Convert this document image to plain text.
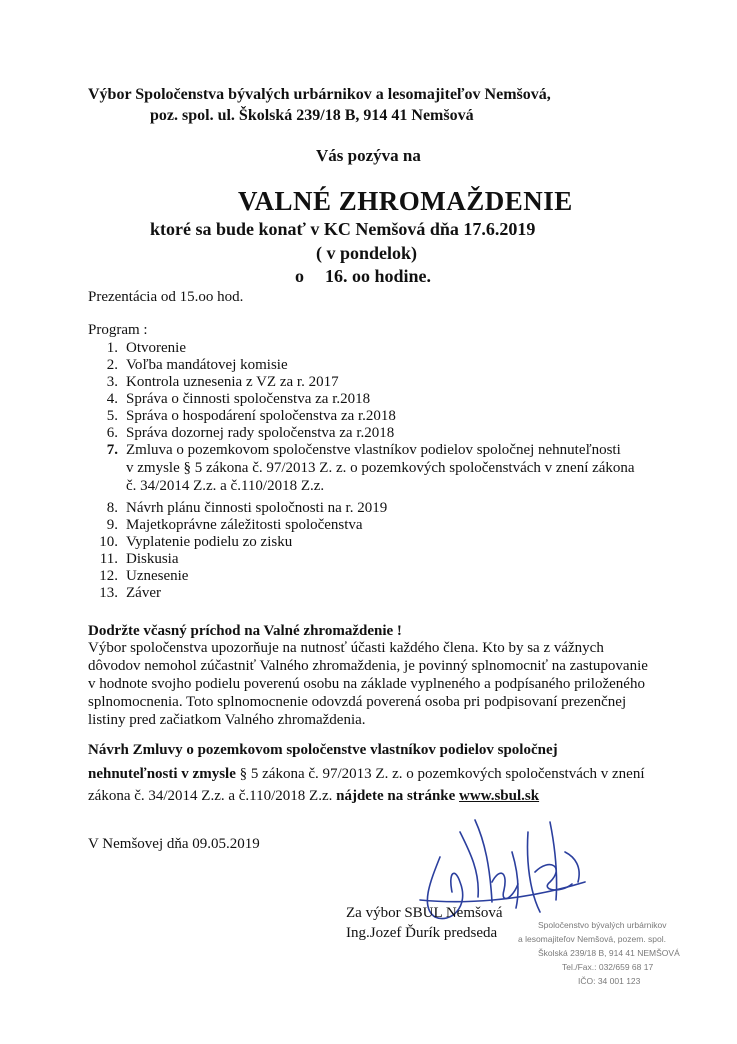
Výbor Spoločenstva bývalých urbárnikov a lesomajiteľov Nemšová,
poz. spol. ul. Školská 239/18 B, 914 41 Nemšová
Vás pozýva na
VALNÉ ZHROMAŽDENIE
ktoré sa bude konať v KC Nemšová dňa 17.6.2019
( v pondelok)
o 16. oo hodine.
Prezentácia od 15.oo hod.
Program :
1. Otvorenie
2. Voľba mandátovej komisie
3. Kontrola uznesenia z VZ za r. 2017
4. Správa o činnosti spoločenstva za r.2018
5. Správa o hospodárení spoločenstva za r.2018
6. Správa dozornej rady spoločenstva za r.2018
7. Zmluva o pozemkovom spoločenstve vlastníkov podielov spoločnej nehnuteľnosti
v zmysle § 5 zákona č. 97/2013 Z. z. o pozemkových spoločenstvách v znení zákona
č. 34/2014 Z.z. a č.110/2018 Z.z.
8. Návrh plánu činnosti spoločnosti na r. 2019
9. Majetkoprávne záležitosti spoločenstva
10. Vyplatenie podielu zo zisku
11. Diskusia
12. Uznesenie
13. Záver
Dodržte včasný príchod na Valné zhromaždenie !
Výbor spoločenstva upozorňuje na nutnosť účasti každého člena. Kto by sa z vážnych
dôvodov nemohol zúčastniť Valného zhromaždenia, je povinný splnomocniť na zastupovanie
v hodnote svojho podielu poverenú osobu na základe vyplneného a podpísaného priloženého
splnomocnenia. Toto splnomocnenie odovzdá poverená osoba pri podpisovaní prezenčnej
listiny pred začiatkom Valného zhromaždenia.
Návrh Zmluvy o pozemkovom spoločenstve vlastníkov podielov spoločnej
nehnuteľnosti v zmysle § 5 zákona č. 97/2013 Z. z. o pozemkových spoločenstvách v znení
zákona č. 34/2014 Z.z. a č.110/2018 Z.z. nájdete na stránke www.sbul.sk
V Nemšovej dňa 09.05.2019
Za výbor SBUL Nemšová
Ing.Jozef Ďurík predseda	Spoločenstvo bývalých urbárnikov
a lesomajiteľov Nemšová, pozem. spol.
Školská 239/18 B, 914 41 NEMŠOVÁ
Tel./Fax.: 032/659 68 17
IČO: 34 001 123
